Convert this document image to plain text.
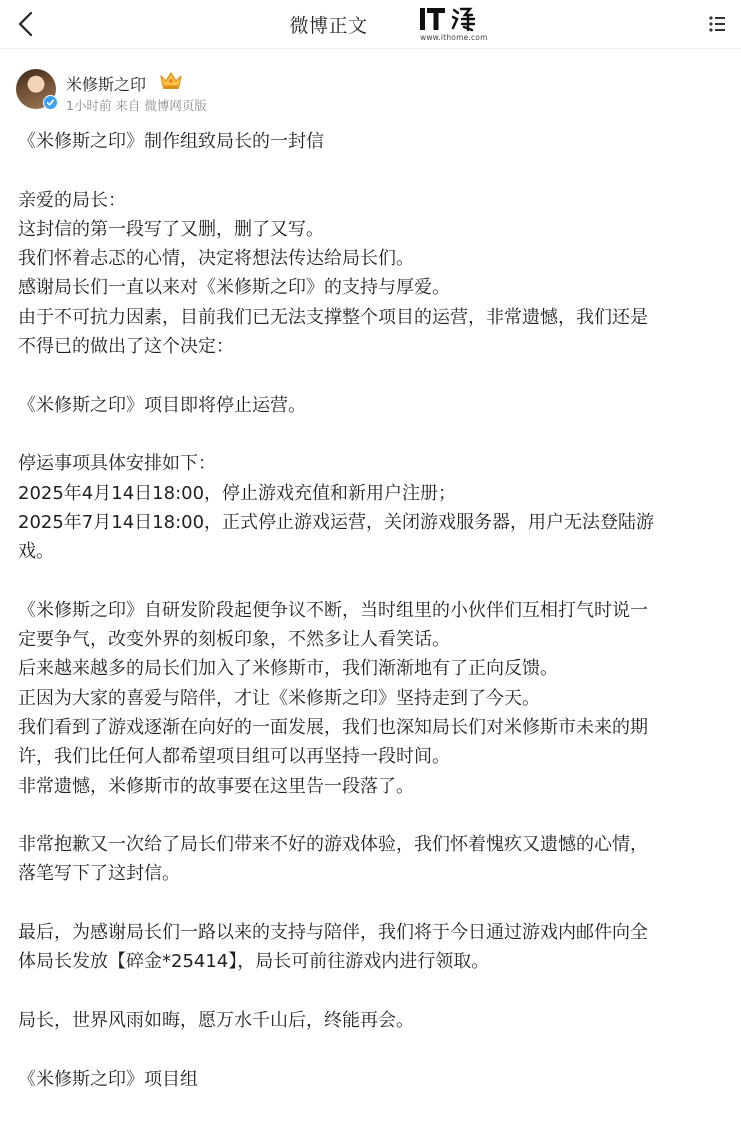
微博正文
www.ithome.com
米修斯之印
1小时前 来自 微博网页版
《米修斯之印》制作组致局长的一封信
亲爱的局长：
这封信的第一段写了又删，删了又写。
我们怀着忐忑的心情，决定将想法传达给局长们。
感谢局长们一直以来对《米修斯之印》的支持与厚爱。
由于不可抗力因素，目前我们已无法支撑整个项目的运营，非常遗憾，我们还是
不得已的做出了这个决定：
《米修斯之印》项目即将停止运营。
停运事项具体安排如下：
2025年4月14日18:00，停止游戏充值和新用户注册；
2025年7月14日18:00，正式停止游戏运营，关闭游戏服务器，用户无法登陆游
戏。
《米修斯之印》自研发阶段起便争议不断，当时组里的小伙伴们互相打气时说一
定要争气，改变外界的刻板印象，不然多让人看笑话。
后来越来越多的局长们加入了米修斯市，我们渐渐地有了正向反馈。
正因为大家的喜爱与陪伴，才让《米修斯之印》坚持走到了今天。
我们看到了游戏逐渐在向好的一面发展，我们也深知局长们对米修斯市未来的期
许，我们比任何人都希望项目组可以再坚持一段时间。
非常遗憾，米修斯市的故事要在这里告一段落了。
非常抱歉又一次给了局长们带来不好的游戏体验，我们怀着愧疚又遗憾的心情，
落笔写下了这封信。
最后，为感谢局长们一路以来的支持与陪伴，我们将于今日通过游戏内邮件向全
体局长发放【碎金*25414】，局长可前往游戏内进行领取。
局长，世界风雨如晦，愿万水千山后，终能再会。
《米修斯之印》项目组
